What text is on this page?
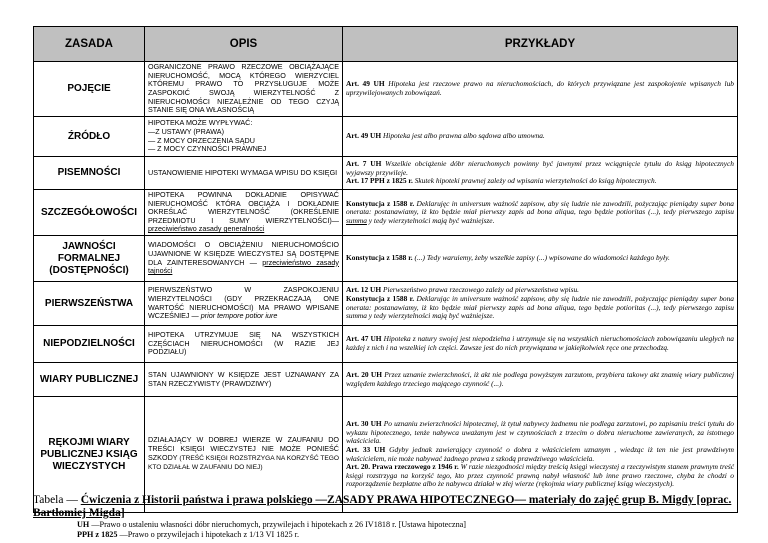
ZASADA	OPIS	PRZYKŁADY
POJĘCIE	OGRANICZONE PRAWO RZECZOWE OBCIĄŻAJĄCE NIERUCHOMOŚĆ, MOCĄ KTÓREGO WIERZYCIEL KTÓREMU PRAWO TO PRZYSŁUGUJE MOŻE ZASPOKOIĆ SWOJĄ WIERZYTELNOŚĆ Z NIERUCHOMOŚCI NIEZALEŻNIE OD TEGO CZYJĄ STANIE SIĘ ONA WŁASNOŚCIĄ	Art. 49 UH Hipoteka jest rzeczowe prawo na nieruchomościach, do których przywiązane jest zaspokojenie wpisanych lub uprzywilejowanych zobowiązań.
ŹRÓDŁO	HIPOTEKA MOŻE WYPŁYWAĆ:
—Z USTAWY (PRAWA)
— Z MOCY ORZECZENIA SĄDU
— Z MOCY CZYNNOŚCI PRAWNEJ	Art. 49 UH Hipoteka jest albo prawna albo sądowa albo umowna.
PISEMNOŚCI	USTANOWIENIE HIPOTEKI WYMAGA WPISU DO KSIĘGI	Art. 7 UH Wszelkie obciążenie dóbr nieruchomych powinny być jawnymi przez wciągnięcie tytułu do ksiąg hipotecznych wyjawszy przywileje.
Art. 17 PPH z 1825 r. Skutek hipoteki prawnej zależy od wpisania wierzytelności do ksiąg hipotecznych.

SZCZEGÓŁOWOŚCI	HIPOTEKA POWINNA DOKŁADNIE OPISYWAĆ NIERUCHOMOŚĆ KTÓRA OBCIĄŻA I DOKŁADNIE OKREŚLAĆ WIERZYTELNOŚĆ (OKREŚLENIE PRZEDMIOTU I SUMY WIERZYTELNOŚCI)—przeciwieństwo zasady generalności	Konstytucja z 1588 r. Deklarujęc in universum ważność zapisow, aby się ludzie nie zawodzili, pożyczając pieniądzy super bona onerata: postanawiamy, iż kto będzie miał pierwszy zapis ad bona aliqua, tego będzie potioritas (...), tedy pierwszego zapisu summa y tedy wierzytelności mają być ważniejsze.
JAWNOŚCI FORMALNEJ (DOSTĘPNOŚCI)	WIADOMOŚCI O OBCIĄŻENIU NIERUCHOMOŚCIO UJAWNIONE W KSIĘDZE WIECZYSTEJ SĄ DOSTĘPNE DLA ZAINTERESOWANYCH — przeciwieństwo zasady tajności	Konstytucja z 1588 r. (...) Tedy waruiemy, żeby wszelkie zapisy (...) wpisowane do wiadomości każdego były.
PIERWSZEŃSTWA	PIERWSZEŃSTWO W ZASPOKOJENIU WIERZYTELNOŚCI (GDY PRZEKRACZAJĄ ONE WARTOŚĆ NIERUCHOMOŚCI) MA PRAWO WPISANE WCZEŚNIEJ — prior tempore potior iure	Art. 12 UH Pierwszeństwo prawa rzeczowego zależy od pierwszeństwa wpisu.
Konstytucja z 1588 r. Deklarując in universum ważność zapisow, aby się ludzie nie zawodzili, pożyczając pieniądzy super bona onerata: postanawiamy, iż kto będzie miał pierwszy zapis ad bona aliqua, tego będzie potioritas (...), tedy pierwszego zapisu summa y tedy wierzytelności mają być ważniejsze.

NIEPODZIELNOŚCI	HIPOTEKA UTRZYMUJE SIĘ NA WSZYSTKICH CZĘŚCIACH NIERUCHOMOŚCI (W RAZIE JEJ PODZIAŁU)	Art. 47 UH Hipoteka z natury swojej jest niepodzielna i utrzymuje się na wszystkich nieruchomościach zobowiązaniu uległych na każdej z nich i na wszelkiej ich części. Zawsze jest do nich przywiązana w jakiejkolwiek ręce one przechodzą.
WIARY PUBLICZNEJ	STAN UJAWNIONY W KSIĘDZE JEST UZNAWANY ZA STAN RZECZYWISTY (PRAWDZIWY)	Art. 20 UH Przez uznanie zwierzchności, iż akt nie podlega powyższym zarzutom, przybiera takowy akt znamię wiary publicznej względem każdego trzeciego mającego czynność (...).
RĘKOJMI WIARY PUBLICZNEJ KSIĄG WIECZYSTYCH	DZIAŁAJĄCY W DOBREJ WIERZE W ZAUFANIU DO TREŚCI KSIĘGI WIECZYSTEJ NIE MOŻE PONIEŚĆ SZKODY (TREŚĆ KSIĘGI ROZSTRZYGA NA KORZYŚĆ TEGO KTO DZIAŁAŁ W ZAUFANIU DO NIEJ)	Art. 30 UH Po uznaniu zwierzchności hipotecznej, iż tytuł nabywcy żadnemu nie podlega zarzutowi, po zapisaniu treści tytułu do wykazu hipotecznego, tenże nabywca uważanym jest w czynnościach z trzecim o dobra nieruchome zawieranych, za istotnego właściciela.
Art. 33 UH Gdyby jednak zawierający czynność o dobra z właścicielem uznanym , wiedząc iż ten nie jest prawdziwym właścicielem, nie może nabywać żadnego prawa z szkodą prawdziwego właściciela.
Art. 20. Prawa rzeczowego z 1946 r. W razie niezgodności między treścią księgi wieczystej a rzeczywistym stanem prawnym treść księgi rozstrzyga na korzyść tego, kto przez czynność prawną nabył własność lub inne prawo rzeczowe, chyba że chodzi o rozporządzenie bezpłatne albo że nabywca działał w złej wierze (rękojmia wiary publicznej ksiąg wieczystych).
Tabela — Ćwiczenia z Historii państwa i prawa polskiego —ZASADY PRAWA HIPOTECZNEGO— materiały do zajęć grup B. Migdy [oprac. Bartłomiej Migda]
UH —Prawo o ustaleniu własności dóbr nieruchomych, przywilejach i hipotekach z 26 IV1818 r. [Ustawa hipoteczna]
PPH z 1825 —Prawo o przywilejach i hipotekach z 1/13 VI 1825 r.
